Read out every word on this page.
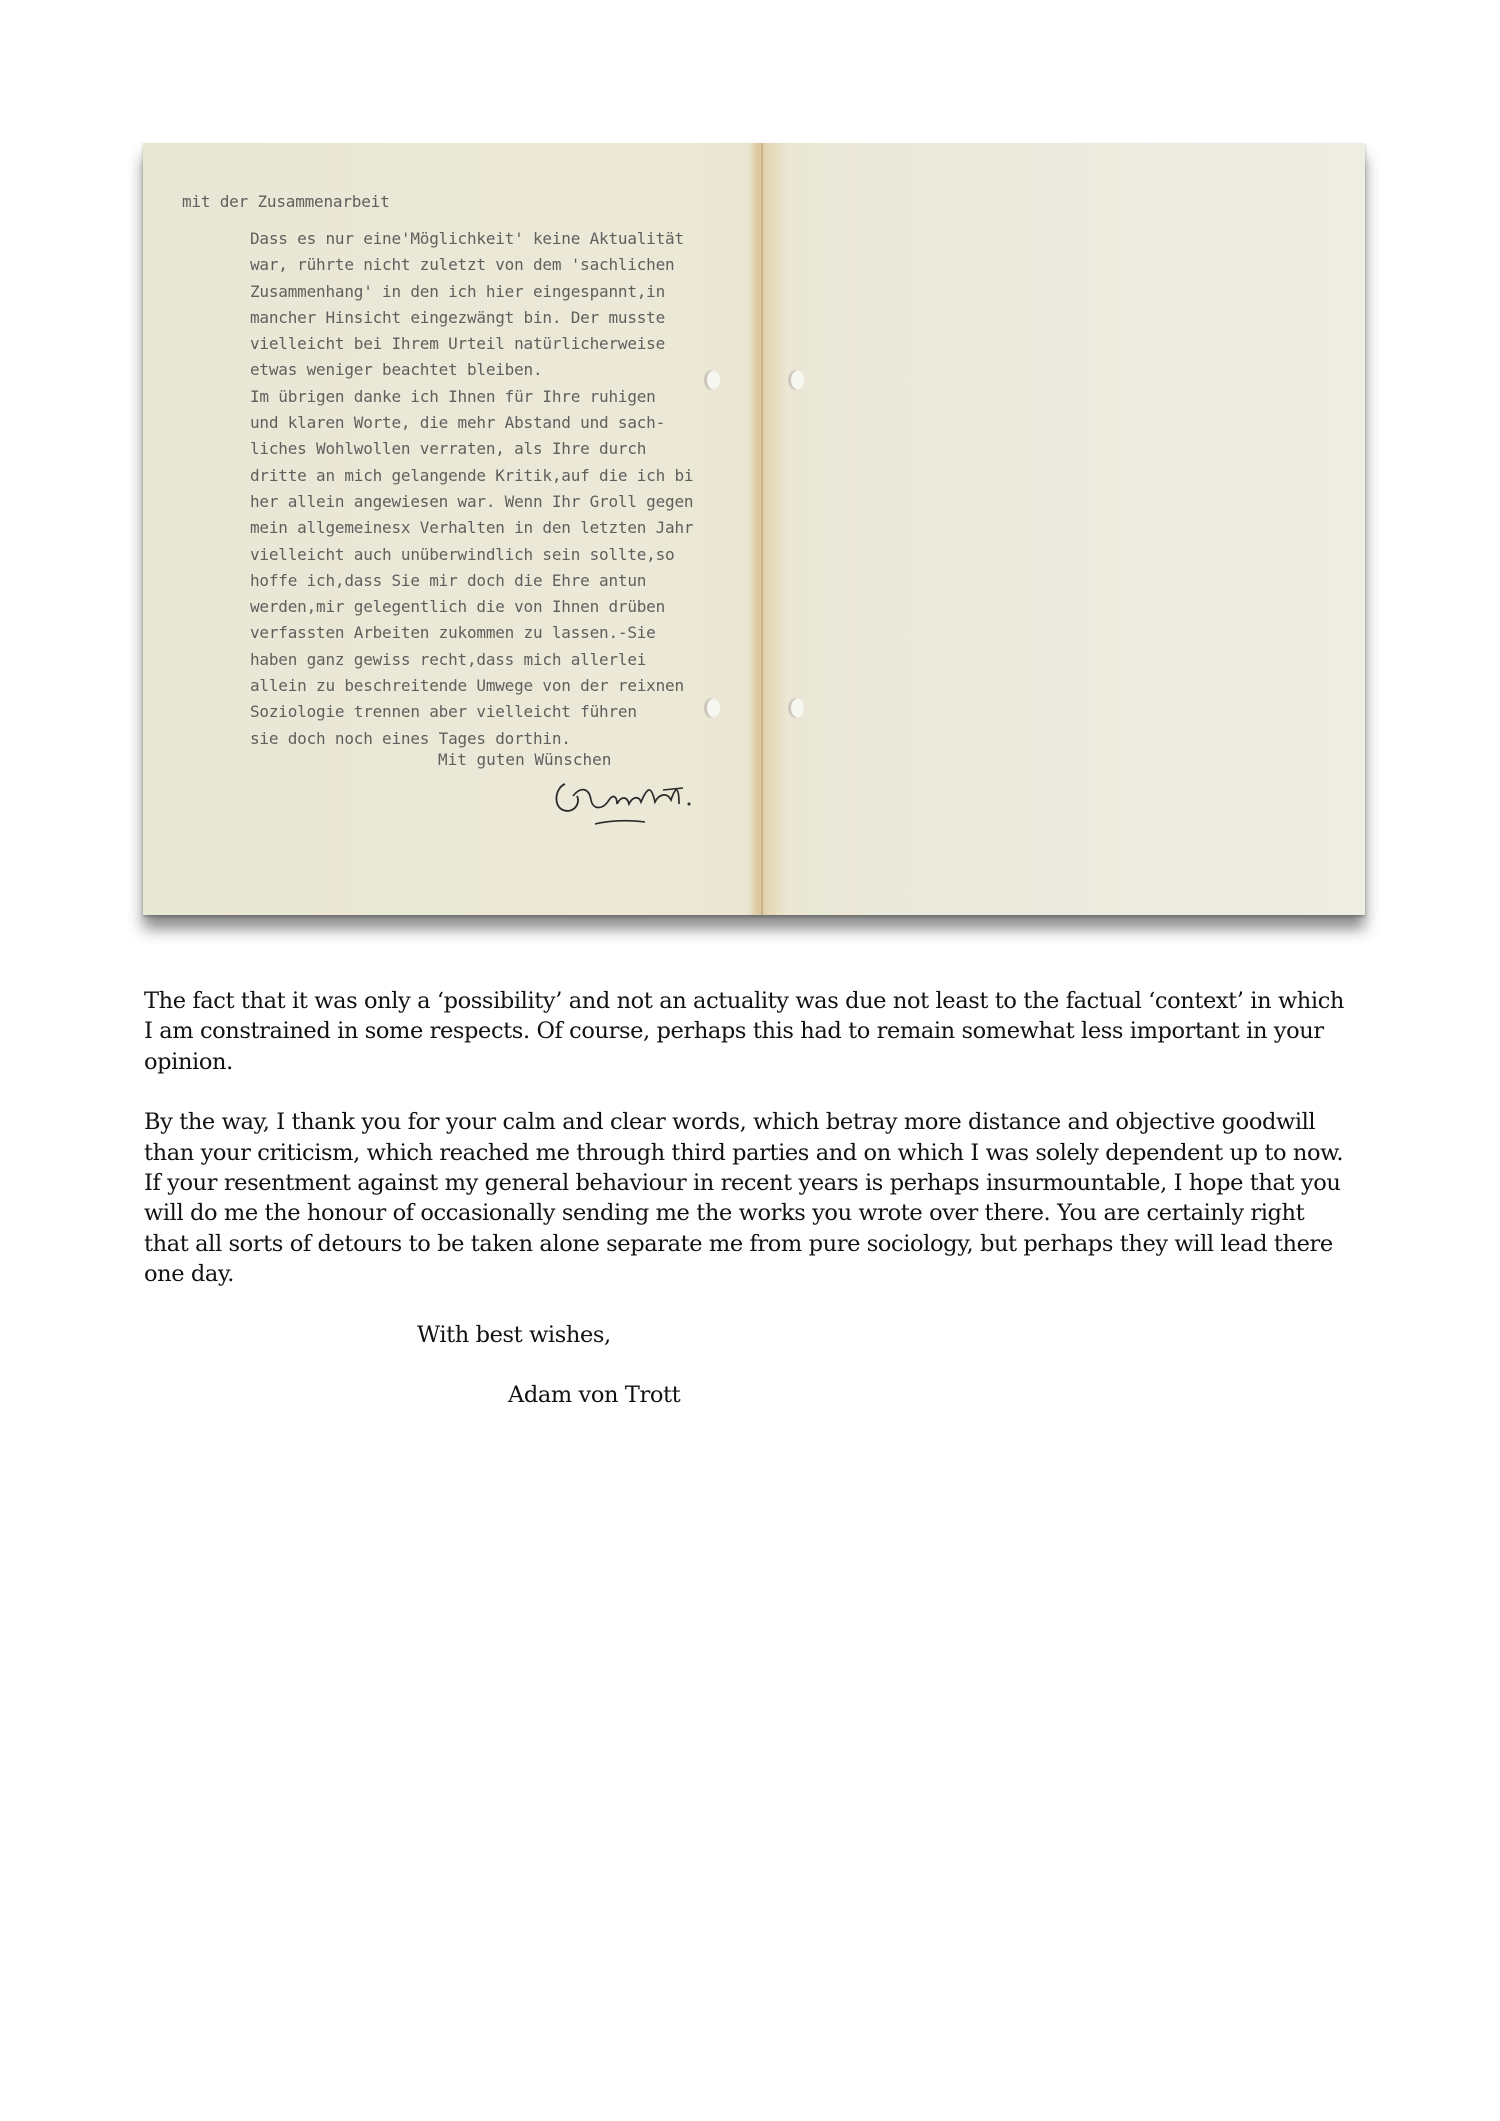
mit der Zusammenarbeit
Dass es nur eine'Möglichkeit' keine Aktualität
war, rührte nicht zuletzt von dem 'sachlichen
Zusammenhang' in den ich hier eingespannt,in
mancher Hinsicht eingezwängt bin. Der musste
vielleicht bei Ihrem Urteil natürlicherweise
etwas weniger beachtet bleiben.
Im übrigen danke ich Ihnen für Ihre ruhigen
und klaren Worte, die mehr Abstand und sach-
liches Wohlwollen verraten, als Ihre durch
dritte an mich gelangende Kritik,auf die ich bi
her allein angewiesen war. Wenn Ihr Groll gegen
mein allgemeinesx Verhalten in den letzten Jahr
vielleicht auch unüberwindlich sein sollte,so
hoffe ich,dass Sie mir doch die Ehre antun
werden,mir gelegentlich die von Ihnen drüben
verfassten Arbeiten zukommen zu lassen.-Sie
haben ganz gewiss recht,dass mich allerlei
allein zu beschreitende Umwege von der reixnen
Soziologie trennen aber vielleicht führen
sie doch noch eines Tages dorthin.
Mit guten Wünschen

The fact that it was only a ‘possibility’ and not an actuality was due not least to the factual ‘context’ in which I am constrained in some respects. Of course, perhaps this had to remain somewhat less important in your opinion.

By the way, I thank you for your calm and clear words, which betray more distance and objective goodwill than your criticism, which reached me through third parties and on which I was solely dependent up to now. If your resentment against my general behaviour in recent years is perhaps insurmountable, I hope that you will do me the honour of occasionally sending me the works you wrote over there. You are certainly right that all sorts of detours to be taken alone separate me from pure sociology, but perhaps they will lead there one day.

With best wishes,

Adam von Trott
